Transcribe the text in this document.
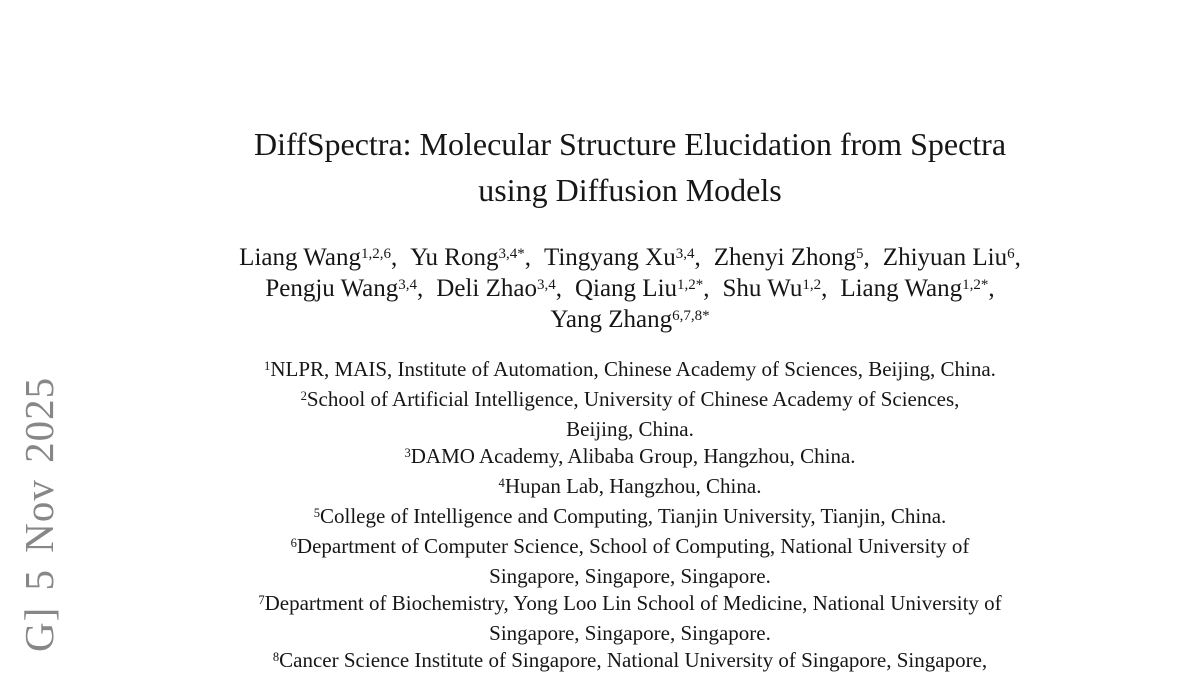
G] 5 Nov 2025
DiffSpectra: Molecular Structure Elucidation from Spectra
using Diffusion Models
Liang Wang$^{1,2,6}$, Yu Rong$^{3,4*}$, Tingyang Xu$^{3,4}$, Zhenyi Zhong$^5$, Zhiyuan Liu$^6$,
Pengju Wang$^{3,4}$, Deli Zhao$^{3,4}$, Qiang Liu$^{1,2*}$, Shu Wu$^{1,2}$, Liang Wang$^{1,2*}$,
Yang Zhang$^{6,7,8*}$
$^1$NLPR, MAIS, Institute of Automation, Chinese Academy of Sciences, Beijing, China.
$^2$School of Artificial Intelligence, University of Chinese Academy of Sciences,
Beijing, China.
$^3$DAMO Academy, Alibaba Group, Hangzhou, China.
$^4$Hupan Lab, Hangzhou, China.
$^5$College of Intelligence and Computing, Tianjin University, Tianjin, China.
$^6$Department of Computer Science, School of Computing, National University of
Singapore, Singapore, Singapore.
$^7$Department of Biochemistry, Yong Loo Lin School of Medicine, National University of
Singapore, Singapore, Singapore.
$^8$Cancer Science Institute of Singapore, National University of Singapore, Singapore,
